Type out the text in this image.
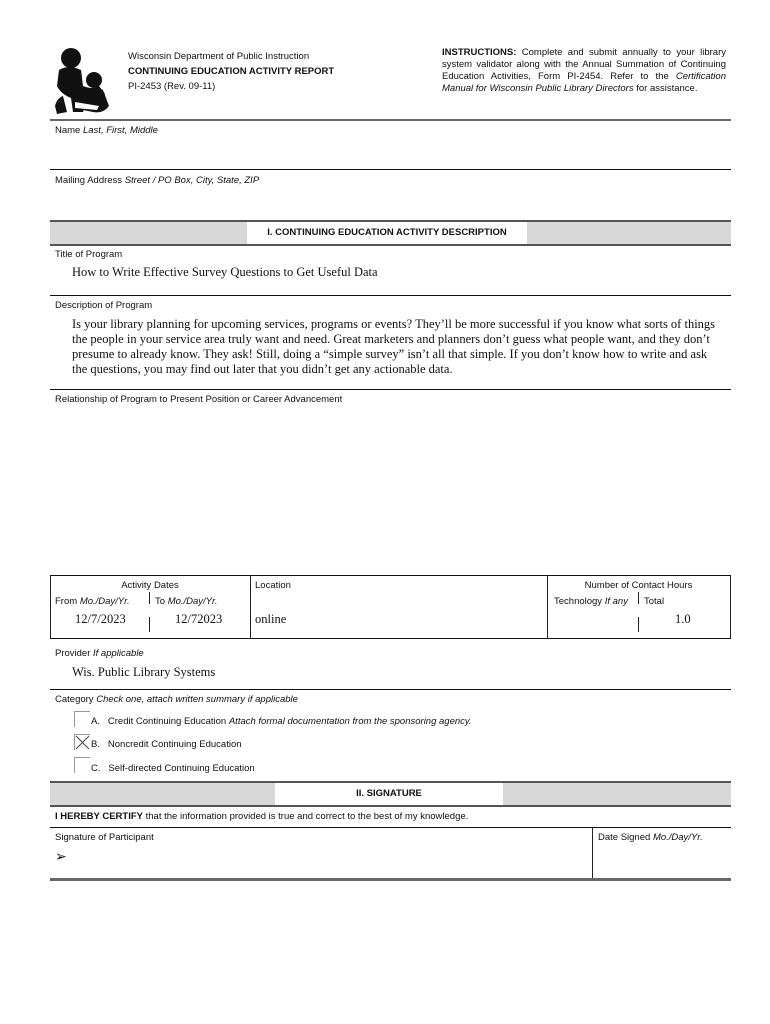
Wisconsin Department of Public Instruction
CONTINUING EDUCATION ACTIVITY REPORT
PI-2453 (Rev. 09-11)
INSTRUCTIONS: Complete and submit annually to your library system validator along with the Annual Summation of Continuing Education Activities, Form PI-2454. Refer to the Certification Manual for Wisconsin Public Library Directors for assistance.
Name Last, First, Middle
Mailing Address Street / PO Box, City, State, ZIP
I. CONTINUING EDUCATION ACTIVITY DESCRIPTION
Title of Program
How to Write Effective Survey Questions to Get Useful Data
Description of Program
Is your library planning for upcoming services, programs or events? They’ll be more successful if you know what sorts of things the people in your service area truly want and need. Great marketers and planners don’t guess what people want, and they don’t presume to already know. They ask! Still, doing a “simple survey” isn’t all that simple. If you don’t know how to write and ask the questions, you may find out later that you didn’t get any actionable data.
Relationship of Program to Present Position or Career Advancement
Activity Dates
From Mo./Day/Yr.	To Mo./Day/Yr.
12/7/2023	12/72023
Location
online
Number of Contact Hours
Technology If any Total
1.0
Provider If applicable
Wis. Public Library Systems
Category Check one, attach written summary if applicable
A. Credit Continuing Education Attach formal documentation from the sponsoring agency.
B. Noncredit Continuing Education
C. Self-directed Continuing Education
II. SIGNATURE
I HEREBY CERTIFY that the information provided is true and correct to the best of my knowledge.
Signature of Participant
➢
Date Signed Mo./Day/Yr.
